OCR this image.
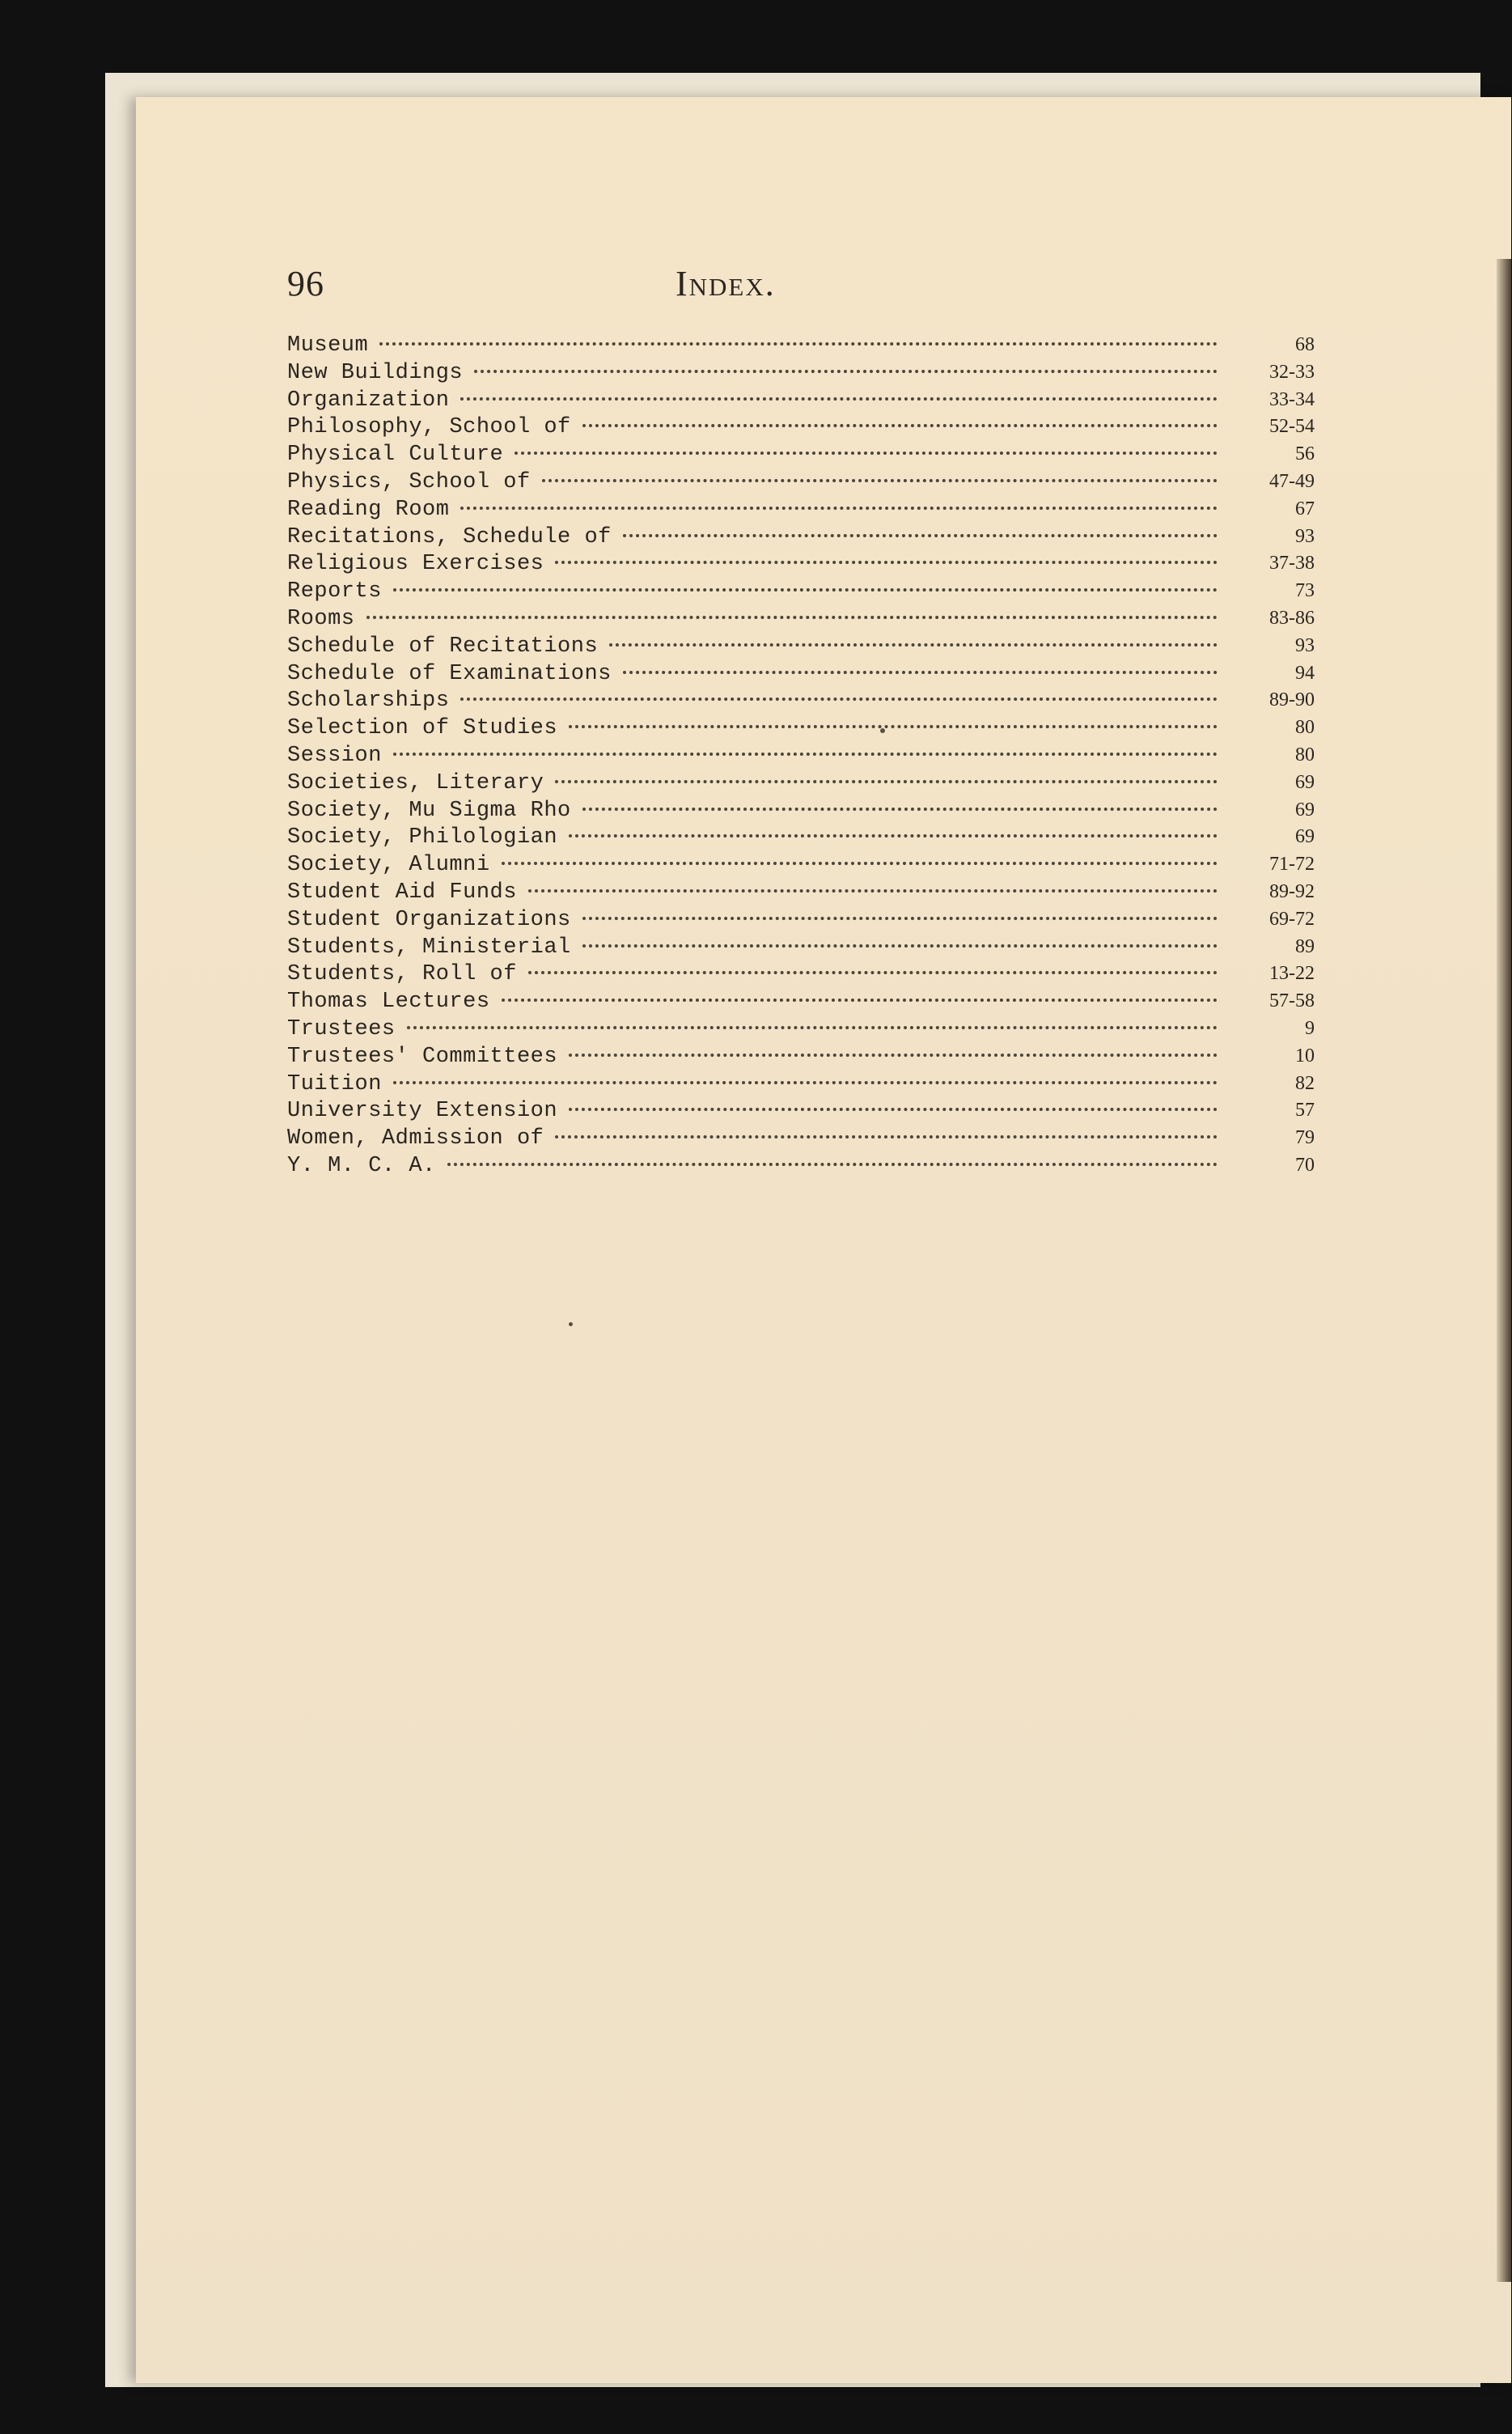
96	Index.
Museum	68
New Buildings	32-33
Organization	33-34
Philosophy, School of	52-54
Physical Culture	56
Physics, School of	47-49
Reading Room	67
Recitations, Schedule of	93
Religious Exercises	37-38
Reports	73
Rooms	83-86
Schedule of Recitations	93
Schedule of Examinations	94
Scholarships	89-90
Selection of Studies	80
Session	80
Societies, Literary	69
Society, Mu Sigma Rho	69
Society, Philologian	69
Society, Alumni	71-72
Student Aid Funds	89-92
Student Organizations	69-72
Students, Ministerial	89
Students, Roll of	13-22
Thomas Lectures	57-58
Trustees	9
Trustees' Committees	10
Tuition	82
University Extension	57
Women, Admission of	79
Y. M. C. A.	70
